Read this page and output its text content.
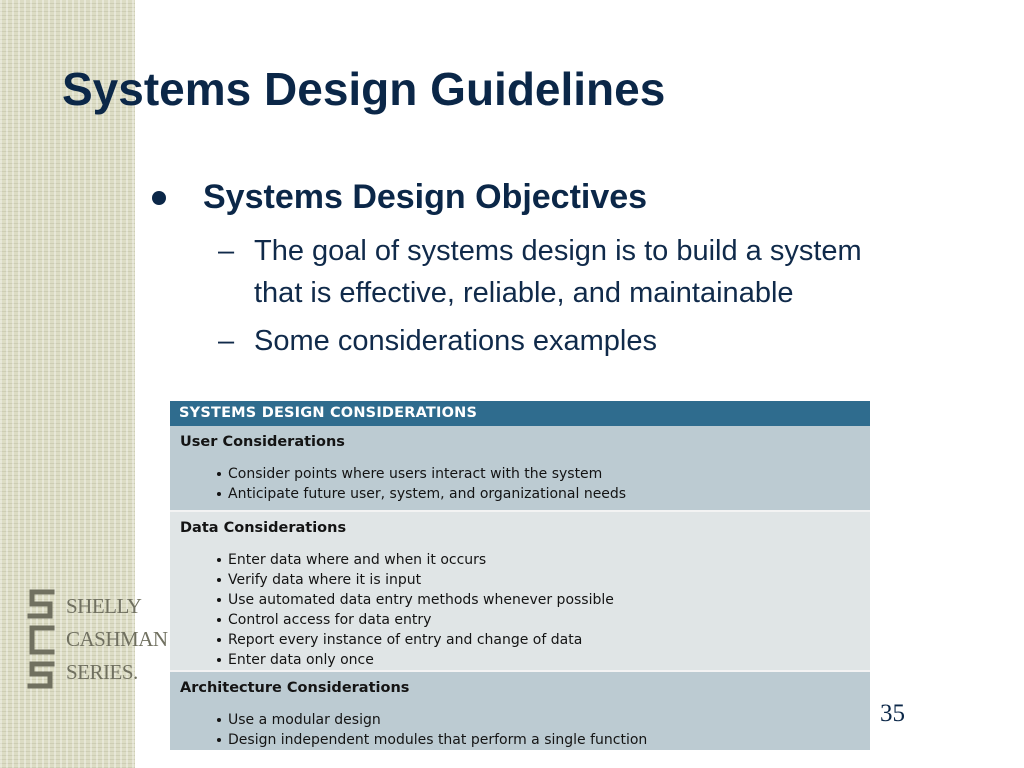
Systems Design Guidelines
Systems Design Objectives
– The goal of systems design is to build a system
that is effective, reliable, and maintainable
– Some considerations examples
SYSTEMS DESIGN CONSIDERATIONS
User Considerations
Consider points where users interact with the system
Anticipate future user, system, and organizational needs
Data Considerations
Enter data where and when it occurs
Verify data where it is input
Use automated data entry methods whenever possible
Control access for data entry
Report every instance of entry and change of data
Enter data only once
Architecture Considerations
Use a modular design
Design independent modules that perform a single function
35
SHELLY
CASHMAN
SERIES.
